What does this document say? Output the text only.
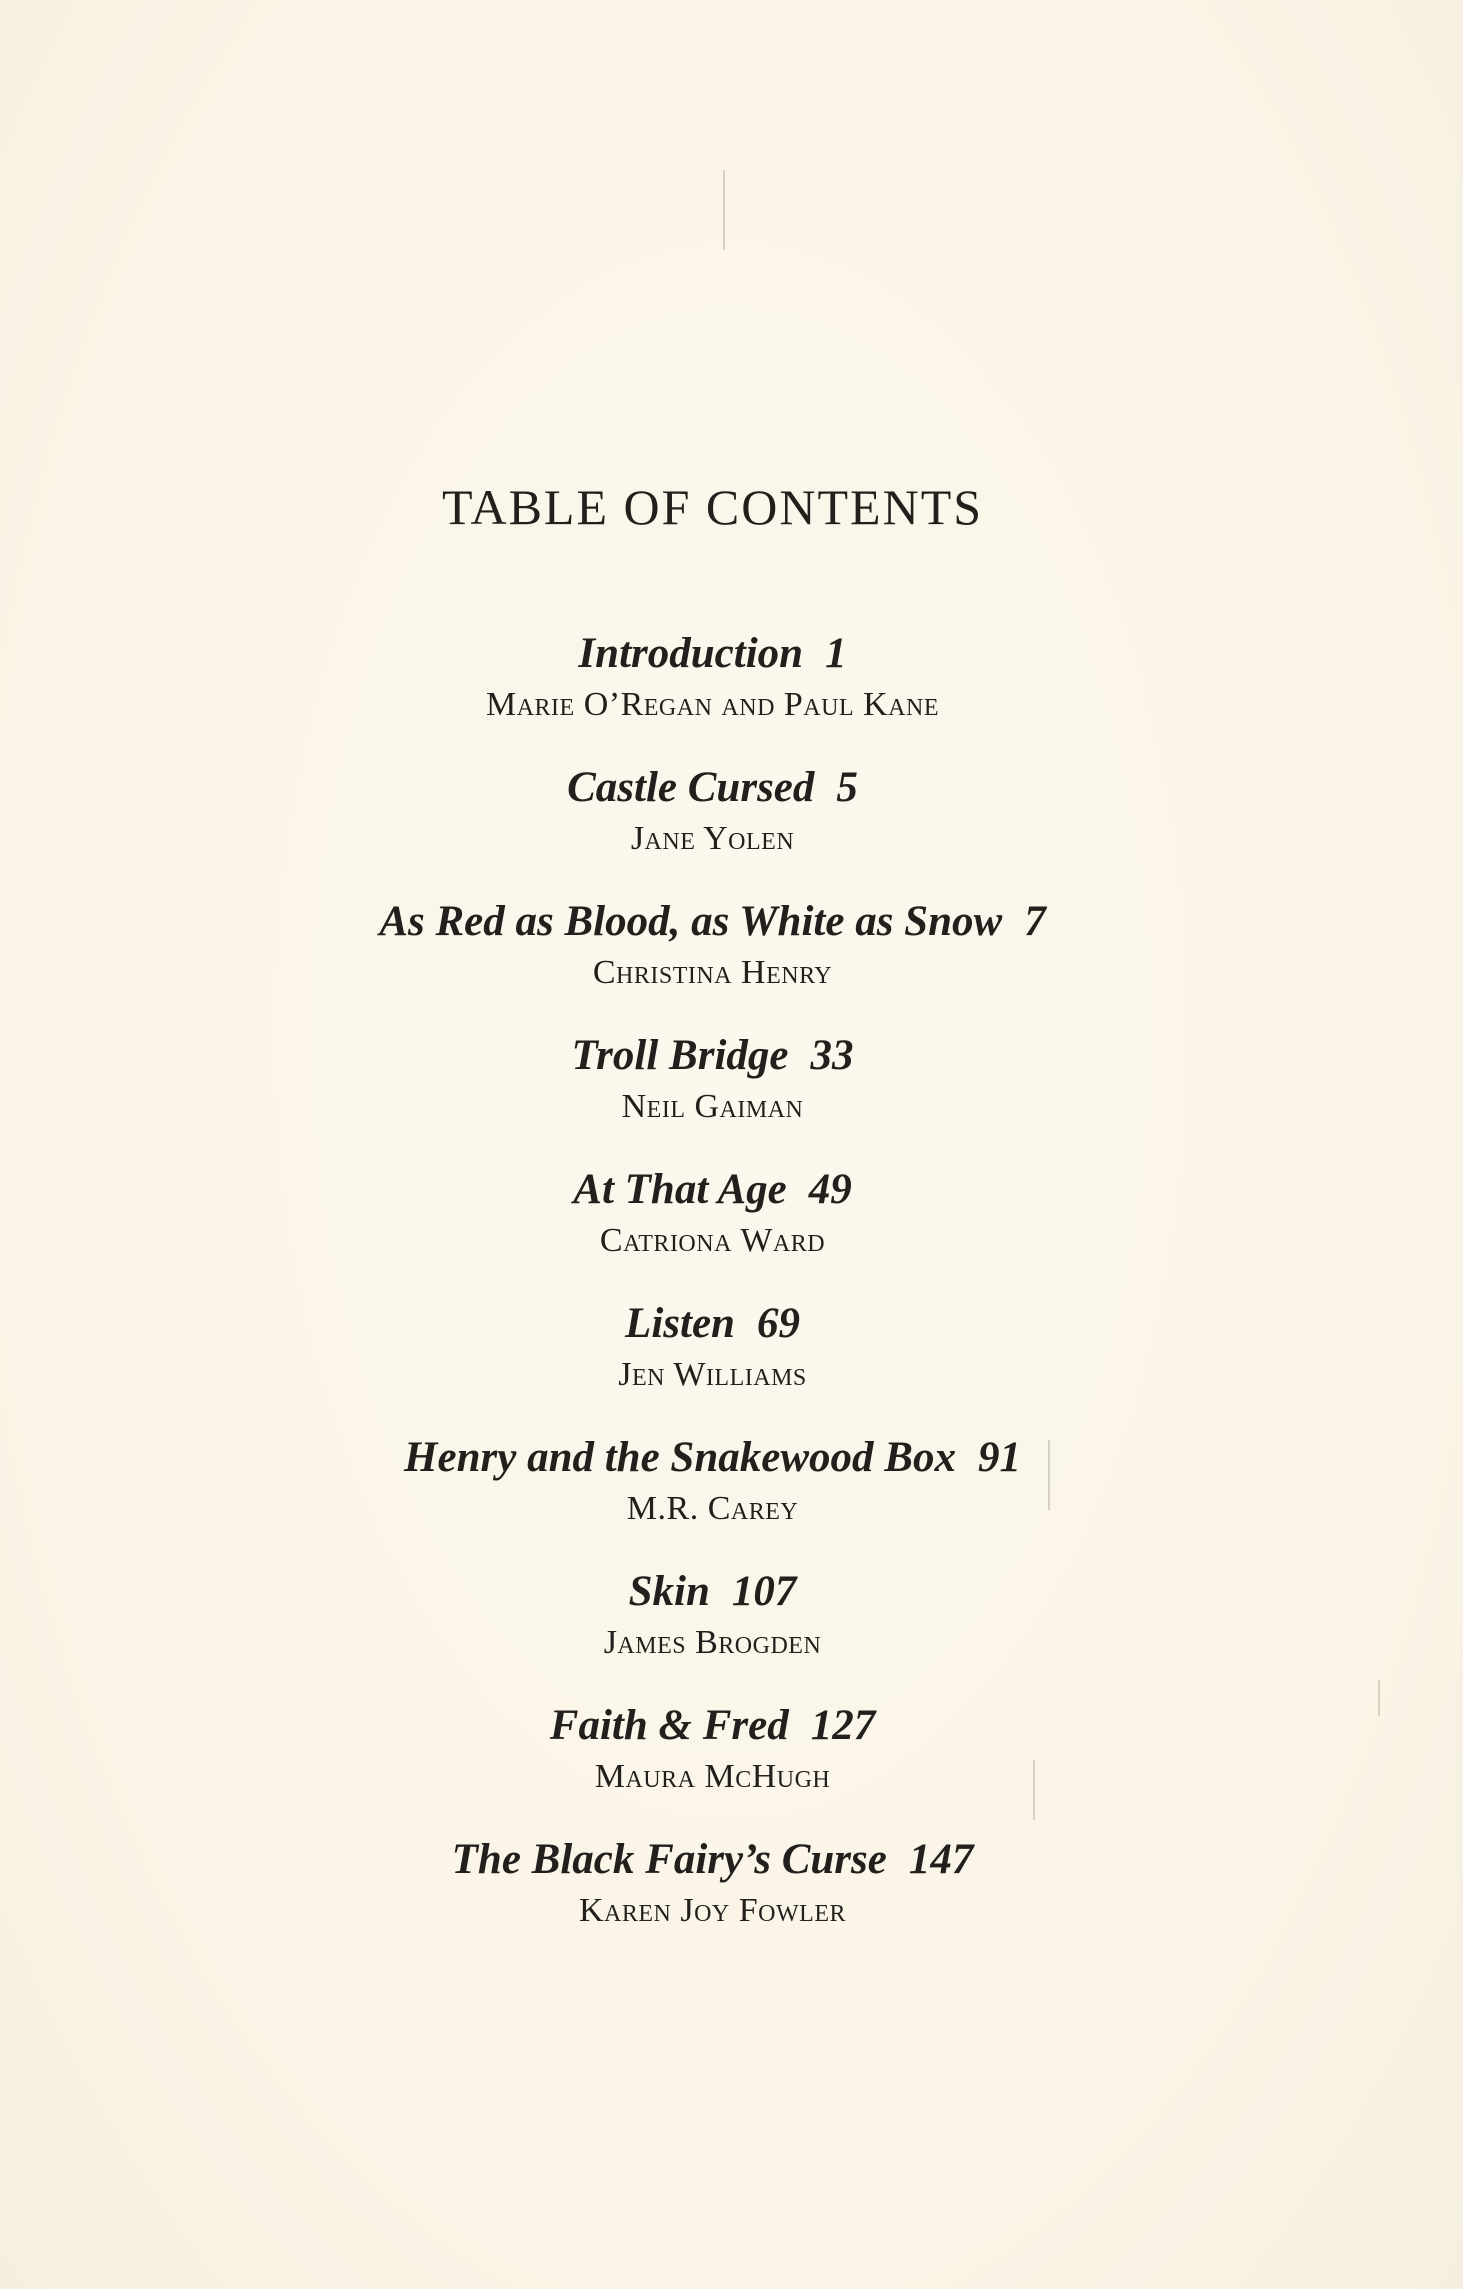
TABLE OF CONTENTS
Introduction 1
Marie O’Regan and Paul Kane
Castle Cursed 5
Jane Yolen
As Red as Blood, as White as Snow 7
Christina Henry
Troll Bridge 33
Neil Gaiman
At That Age 49
Catriona Ward
Listen 69
Jen Williams
Henry and the Snakewood Box 91
M.R. Carey
Skin 107
James Brogden
Faith & Fred 127
Maura McHugh
The Black Fairy’s Curse 147
Karen Joy Fowler
